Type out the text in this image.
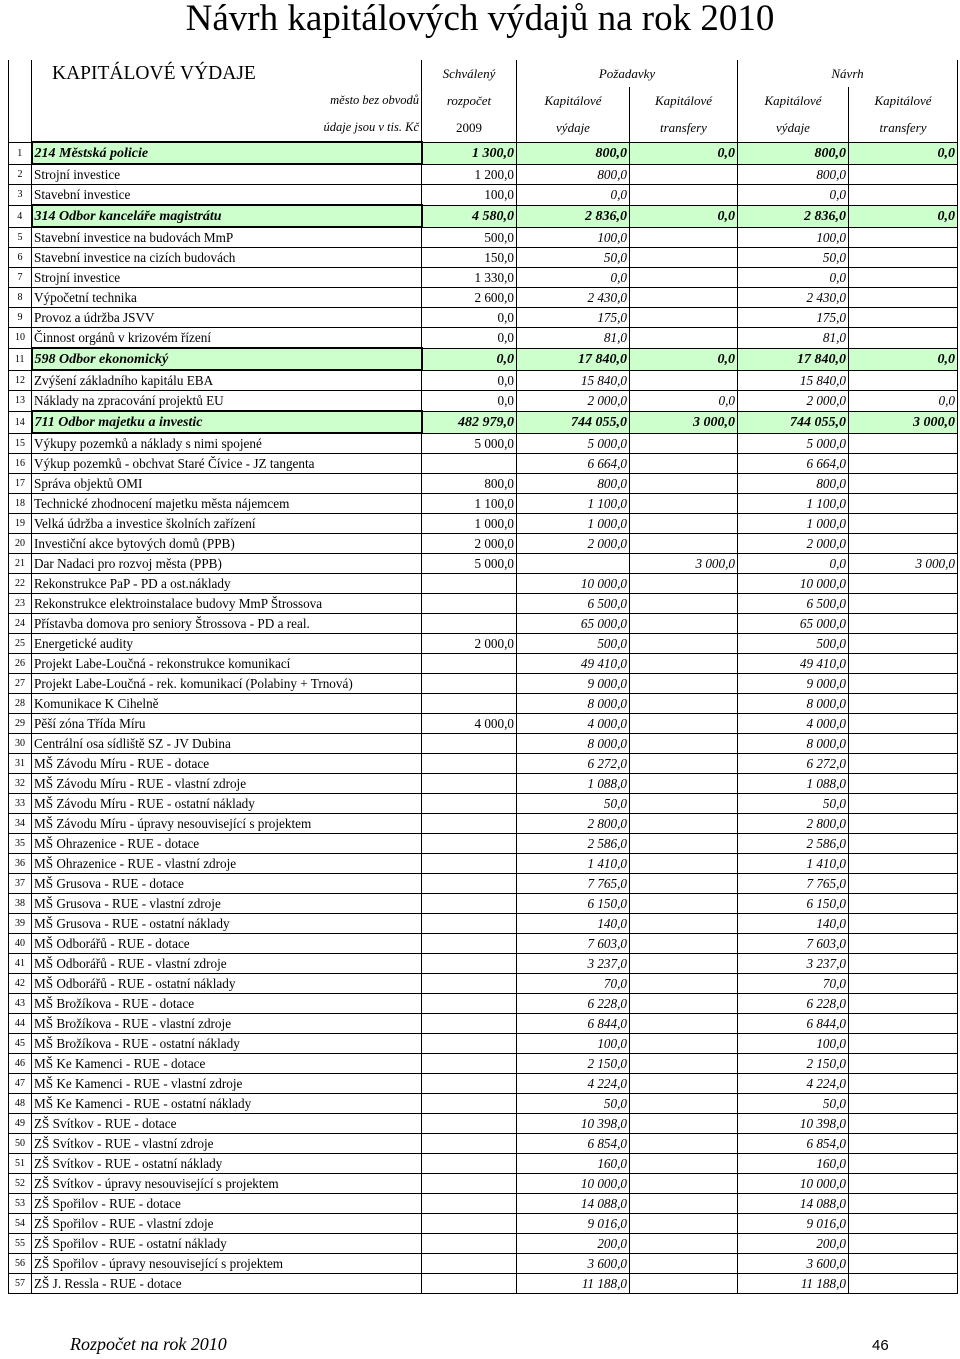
Návrh kapitálových výdajů na rok 2010
	KAPITÁLOVÉ VÝDAJE	Schválený	Požadavky		Návrh	
	město bez obvodů	rozpočet	Kapitálové	Kapitálové	Kapitálové	Kapitálové
	údaje jsou v tis. Kč	2009	výdaje	transfery	výdaje	transfery
1	214 Městská policie	1 300,0	800,0	0,0	800,0	0,0
2	Strojní investice	1 200,0	800,0		800,0	
3	Stavební investice	100,0	0,0		0,0	
4	314 Odbor kanceláře magistrátu	4 580,0	2 836,0	0,0	2 836,0	0,0
5	Stavební investice na budovách MmP	500,0	100,0		100,0	
6	Stavební investice na cizích budovách	150,0	50,0		50,0	
7	Strojní investice	1 330,0	0,0		0,0	
8	Výpočetní technika	2 600,0	2 430,0		2 430,0	
9	Provoz a údržba JSVV	0,0	175,0		175,0	
10	Činnost orgánů v krizovém řízení	0,0	81,0		81,0	
11	598 Odbor ekonomický	0,0	17 840,0	0,0	17 840,0	0,0
12	Zvýšení základního kapitálu EBA	0,0	15 840,0		15 840,0	
13	Náklady na zpracování projektů EU	0,0	2 000,0	0,0	2 000,0	0,0
14	711 Odbor majetku a investic	482 979,0	744 055,0	3 000,0	744 055,0	3 000,0
15	Výkupy pozemků a náklady s nimi spojené	5 000,0	5 000,0		5 000,0	
16	Výkup pozemků - obchvat Staré Čívice - JZ tangenta		6 664,0		6 664,0	
17	Správa objektů OMI	800,0	800,0		800,0	
18	Technické zhodnocení majetku města nájemcem	1 100,0	1 100,0		1 100,0	
19	Velká údržba a investice školních zařízení	1 000,0	1 000,0		1 000,0	
20	Investiční akce bytových domů (PPB)	2 000,0	2 000,0		2 000,0	
21	Dar Nadaci pro rozvoj města (PPB)	5 000,0		3 000,0	0,0	3 000,0
22	Rekonstrukce PaP - PD a ost.náklady		10 000,0		10 000,0	
23	Rekonstrukce elektroinstalace budovy MmP Štrossova		6 500,0		6 500,0	
24	Přístavba domova pro seniory Štrossova - PD a real.		65 000,0		65 000,0	
25	Energetické audity	2 000,0	500,0		500,0	
26	Projekt Labe-Loučná - rekonstrukce komunikací		49 410,0		49 410,0	
27	Projekt Labe-Loučná - rek. komunikací (Polabiny + Trnová)		9 000,0		9 000,0	
28	Komunikace K Cihelně		8 000,0		8 000,0	
29	Pěší zóna Třída Míru	4 000,0	4 000,0		4 000,0	
30	Centrální osa sídliště SZ - JV Dubina		8 000,0		8 000,0	
31	MŠ Závodu Míru - RUE - dotace		6 272,0		6 272,0	
32	MŠ Závodu Míru - RUE - vlastní zdroje		1 088,0		1 088,0	
33	MŠ Závodu Míru - RUE - ostatní náklady		50,0		50,0	
34	MŠ Závodu Míru - úpravy nesouvisející s projektem		2 800,0		2 800,0	
35	MŠ Ohrazenice - RUE - dotace		2 586,0		2 586,0	
36	MŠ Ohrazenice - RUE - vlastní zdroje		1 410,0		1 410,0	
37	MŠ Grusova - RUE - dotace		7 765,0		7 765,0	
38	MŠ Grusova - RUE - vlastní zdroje		6 150,0		6 150,0	
39	MŠ Grusova - RUE - ostatní náklady		140,0		140,0	
40	MŠ Odborářů - RUE - dotace		7 603,0		7 603,0	
41	MŠ Odborářů - RUE - vlastní zdroje		3 237,0		3 237,0	
42	MŠ Odborářů - RUE - ostatní náklady		70,0		70,0	
43	MŠ Brožíkova - RUE - dotace		6 228,0		6 228,0	
44	MŠ Brožíkova - RUE - vlastní zdroje		6 844,0		6 844,0	
45	MŠ Brožíkova - RUE - ostatní náklady		100,0		100,0	
46	MŠ Ke Kamenci - RUE - dotace		2 150,0		2 150,0	
47	MŠ Ke Kamenci - RUE - vlastní zdroje		4 224,0		4 224,0	
48	MŠ Ke Kamenci - RUE - ostatní náklady		50,0		50,0	
49	ZŠ Svítkov - RUE - dotace		10 398,0		10 398,0	
50	ZŠ Svítkov - RUE - vlastní zdroje		6 854,0		6 854,0	
51	ZŠ Svítkov - RUE - ostatní náklady		160,0		160,0	
52	ZŠ Svítkov - úpravy nesouvisející s projektem		10 000,0		10 000,0	
53	ZŠ Spořilov - RUE - dotace		14 088,0		14 088,0	
54	ZŠ Spořilov - RUE - vlastní zdoje		9 016,0		9 016,0	
55	ZŠ Spořilov - RUE - ostatní náklady		200,0		200,0	
56	ZŠ Spořilov - úpravy nesouvisející s projektem		3 600,0		3 600,0	
57	ZŠ J. Ressla - RUE - dotace		11 188,0		11 188,0	
Rozpočet na rok 2010	46
